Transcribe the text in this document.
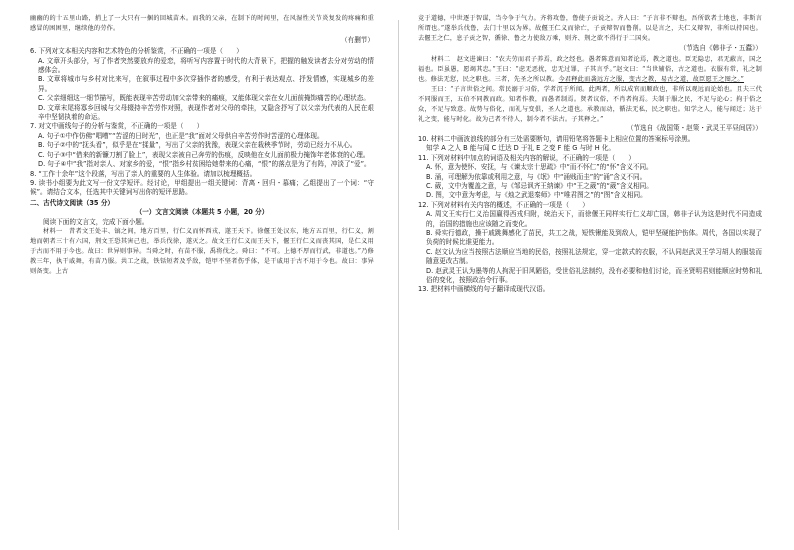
幽幽的的十五里山路，捎上了一大只有一捆的回城苗木。而我的父亲，在制下的时间里，在风湿性关节炎复发的疼痛和重感冒的困困里，继续他的劳作。

（有删节）

6. 下列对文本相关内容和艺术特色的分析鉴赏，不正确的一项是（　　）

A. 文章开头部分，写了作者突然要放弃的爱恋，将听写内容置于时代的大背景下，把握的触发读者去分对劳动的情感体会。

B. 文章将城市与乡村对比来写，在叙事过程中多次穿插作者的感受，有利于表达观点、抒发情感，实现城乡的差异。

C. 父亲细细这一细节描写，既能表现辛苦劳动加父亲带来的痛痕，又能体现父亲在女儿面前掩饰痛苦的心理状态。

D. 文章末尾将寡乡回城与父母辍持辛苦劳作对照，表现作者对父母的牵挂，又隐含抒写了以父亲为代表的人民在艰辛中坚韧执着的命运。

7. 对文中画线句子的分析与鉴赏，不正确的一项是（　　）

A. 句子①中作仿佛“唱嘈”“苦涩的日时光”，也正是“我”面对父母供自辛苦劳作时苦涩的心理体现。

B. 句子②中的“抚头看”，似乎是在“揉量”，写出了父亲的犹豫，表现父亲在栽秧季节时，劳动已经力不从心。

C. 句子③中“借来的新镰刀割了脸上”，表现父亲被自己奔劳的伤痕，反映他在女儿面前极力掩饰年老体衰的心理。

D. 句子④中“我”指对亲人、对家乡的爱，“恨”指乡村贫困给她带来的心痛，“恨”的落点是为了有阵，冲淡了“爱”。

8. “工作十余年”这个段落，写出了亲人的重要的人生体验。请加以梳理概括。

9. 读书小组要为此文写一份文学短评。经讨论，甲组提出一组关键词：背离・回归・慕痛；乙组提出了一个词：“守候”。请结合文本，任选其中关键词写出你的短评思路。

二、古代诗文阅读（35 分）

（一）文言文阅读（本题共 5 小题，20 分）

阅读下面的文言文，完成下面小题。

材料一　昔者文王处丰、镐之间，地方百里，行仁义而怀西戎，遂王天下。徐偃王处汉东，地方五百里，行仁义，割地而朝者三十有六国，荆文王恐其害己也，举兵伐徐，遂灭之。故文王行仁义而王天下，偃王行仁义而丧其国，是仁义用于古而不用于今也。故曰：世异则事异。当舜之时，有苗不服，禹将伐之。舜曰：“不可。上德不厚而行武，非道也。”乃修教三年，执干戚舞，有苗乃服。共工之战，铁铦短者及乎敌，铠甲不坚者伤乎体，是干戚用于古不用于今也。故曰：事异则备变。上古

竞于道德，中世逐于智谋，当今争于气力。齐将攻鲁，鲁使子贡说之。齐人曰：“子言非不辩也，吾所欲者土地也，非斯言所谓也。”遂举兵伐鲁，去门十里以为界。故偃王仁义而徐亡，子贡辩智而鲁削。以是言之，夫仁义辩智，非所以持国也。去偃王之仁，息子贡之智，循徐、鲁之力使敌万乘，则齐、荆之欲不得行于二国矣。

（节选自《韩非子・五蠹》）

材料二　赵文进谏曰：“农夫劳而君子养焉，政之经也。愚者陈意而知者论焉，教之道也。臣无隐忠，君无蔽言，国之福也。臣虽愚，愿竭其忠。”王曰：“虑无恶扰，忠无过罪，子其言乎。”赵文曰：“当世辅俗，古之道也。衣服有常，礼之制也。修法无愆，民之职也。三者，先圣之所以教。今君释此而袭远方之服，变古之教，易古之道，故臣愿王之图之。”

王曰：“子言世俗之间。常民溺于习俗，学者沉于所闻。此两者，所以成官而顺政也，非所以观远而论始也。且夫三代不同服而王，五伯不同教而政。知者作教，而愚者制焉。贤者议俗，不肖者拘焉。夫制于服之民，不足与论心；拘于俗之众，不足与致意。故势与俗化，而礼与变俱，圣人之道也。承教而动，循法无私，民之职也。知学之人，能与闻迁；达于礼之变，能与时化。故为己者不待人，制今者不法古。子其释之。”

（节选自《战国策・赵策・武灵王平昼间居》）

10. 材料二中画波浪线的部分有三处需要断句，请用铅笔将答题卡上相应位置的答案标号涂黑。

知学 A 之人 B 能与闻 C 迁达 D 于礼 E 之变 F 能 G 与时 H 化。

11. 下列对材料中加点的词语及相关内容的解说，不正确的一项是（　　）

A. 怀，意为使怀、安抚，与《谏太宗十思疏》中“而不怀仁”的“怀”含义不同。

B. 涌，可理解为依靠或利用之意，与《氓》中“涌贱而圭”的“涌”含义不同。

C. 葳，文中为覆盖之意，与《邹忌讽齐王纳谏》中“王之葳”的“葳”含义相同。

D. 图，文中意为考虑，与《烛之武退秦师》中“唯君图之”的“图”含义相同。

12. 下列对材料有关内容的概述，不正确的一项是（　　）

A. 周文王实行仁义治国赢得西戎归附，统治天下，而徐偃王同样实行仁义却亡国，韩非子认为这是时代不同造成的，治国的措施也应该随之而变化。

B. 舜实行德政，操干戚跳舞感化了苗民，共工之战，短铁锹能及到敌人，铠甲坚硬能护伤体。周代，各国以实现了负荷的时候比谁更能力。

C. 赵文认为应当按照古法顺应当地的民俗，按照礼法规定，穿一定款式的衣服，不认同赵武灵王学习胡人的服装而随意更改古制。

D. 赵武灵王认为墨等的人拘泥于旧风陋俗，受世俗礼法制约，没有必要和他们讨论，而圣贤明君则能顺应时势和礼俗的变化，按照政治令行事。

13. 把材料中画横线的句子翻译成现代汉语。
